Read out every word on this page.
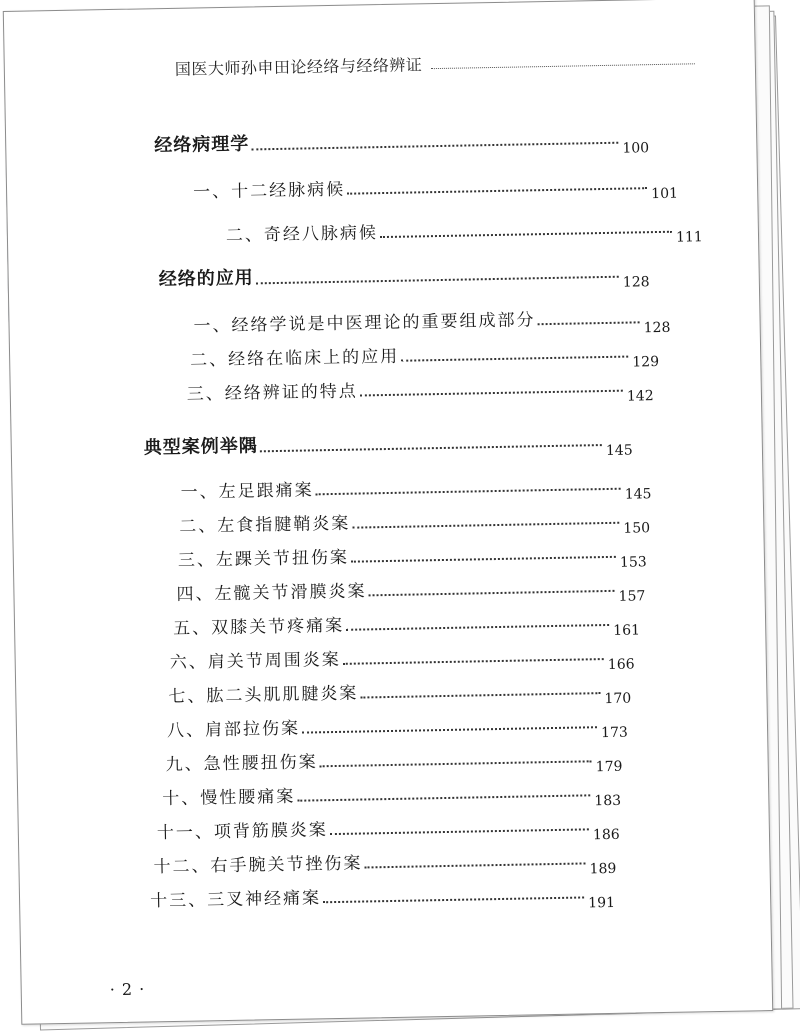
国医大师孙申田论经络与经络辨证
经络病理学	100
一、十二经脉病候	101
二、奇经八脉病候	111
经络的应用	128
一、经络学说是中医理论的重要组成部分	128
二、经络在临床上的应用	129
三、经络辨证的特点	142
典型案例举隅	145
一、左足跟痛案	145
二、左食指腱鞘炎案	150
三、左踝关节扭伤案	153
四、左髋关节滑膜炎案	157
五、双膝关节疼痛案	161
六、肩关节周围炎案	166
七、肱二头肌肌腱炎案	170
八、肩部拉伤案	173
九、急性腰扭伤案	179
十、慢性腰痛案	183
十一、项背筋膜炎案	186
十二、右手腕关节挫伤案	189
十三、三叉神经痛案	191
· 2 ·
